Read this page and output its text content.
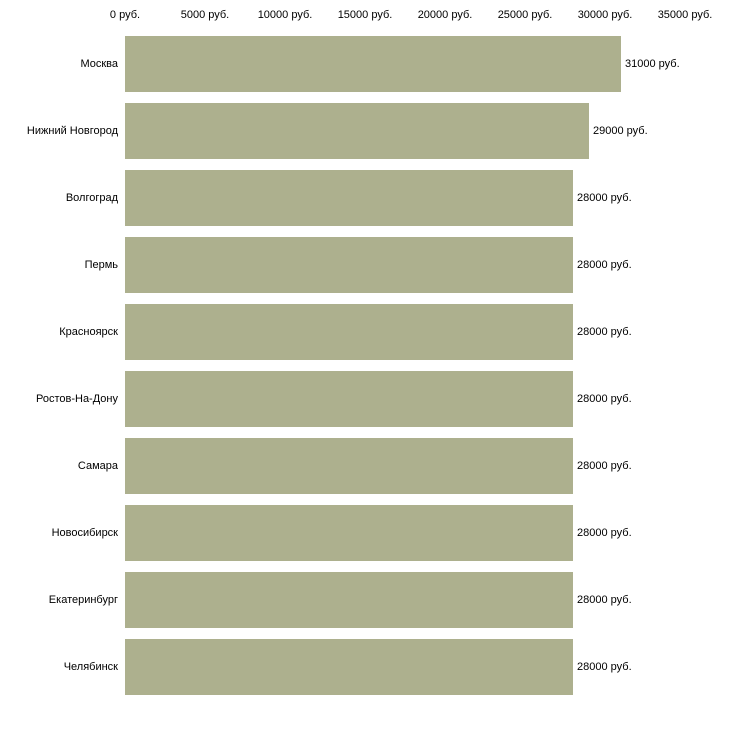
0 руб.	5000 руб.	10000 руб. 15000 руб. 20000 руб. 25000 руб. 30000 руб. 35000 руб.
31000 руб.
29000 руб.
28000 руб.
28000 руб.
28000 руб.
28000 руб.
28000 руб.
28000 руб.
28000 руб.
28000 руб.
Москва
Нижний Новгород
Волгоград
Пермь
Красноярск
Ростов-На-Дону
Самара
Новосибирск
Екатеринбург
Челябинск
